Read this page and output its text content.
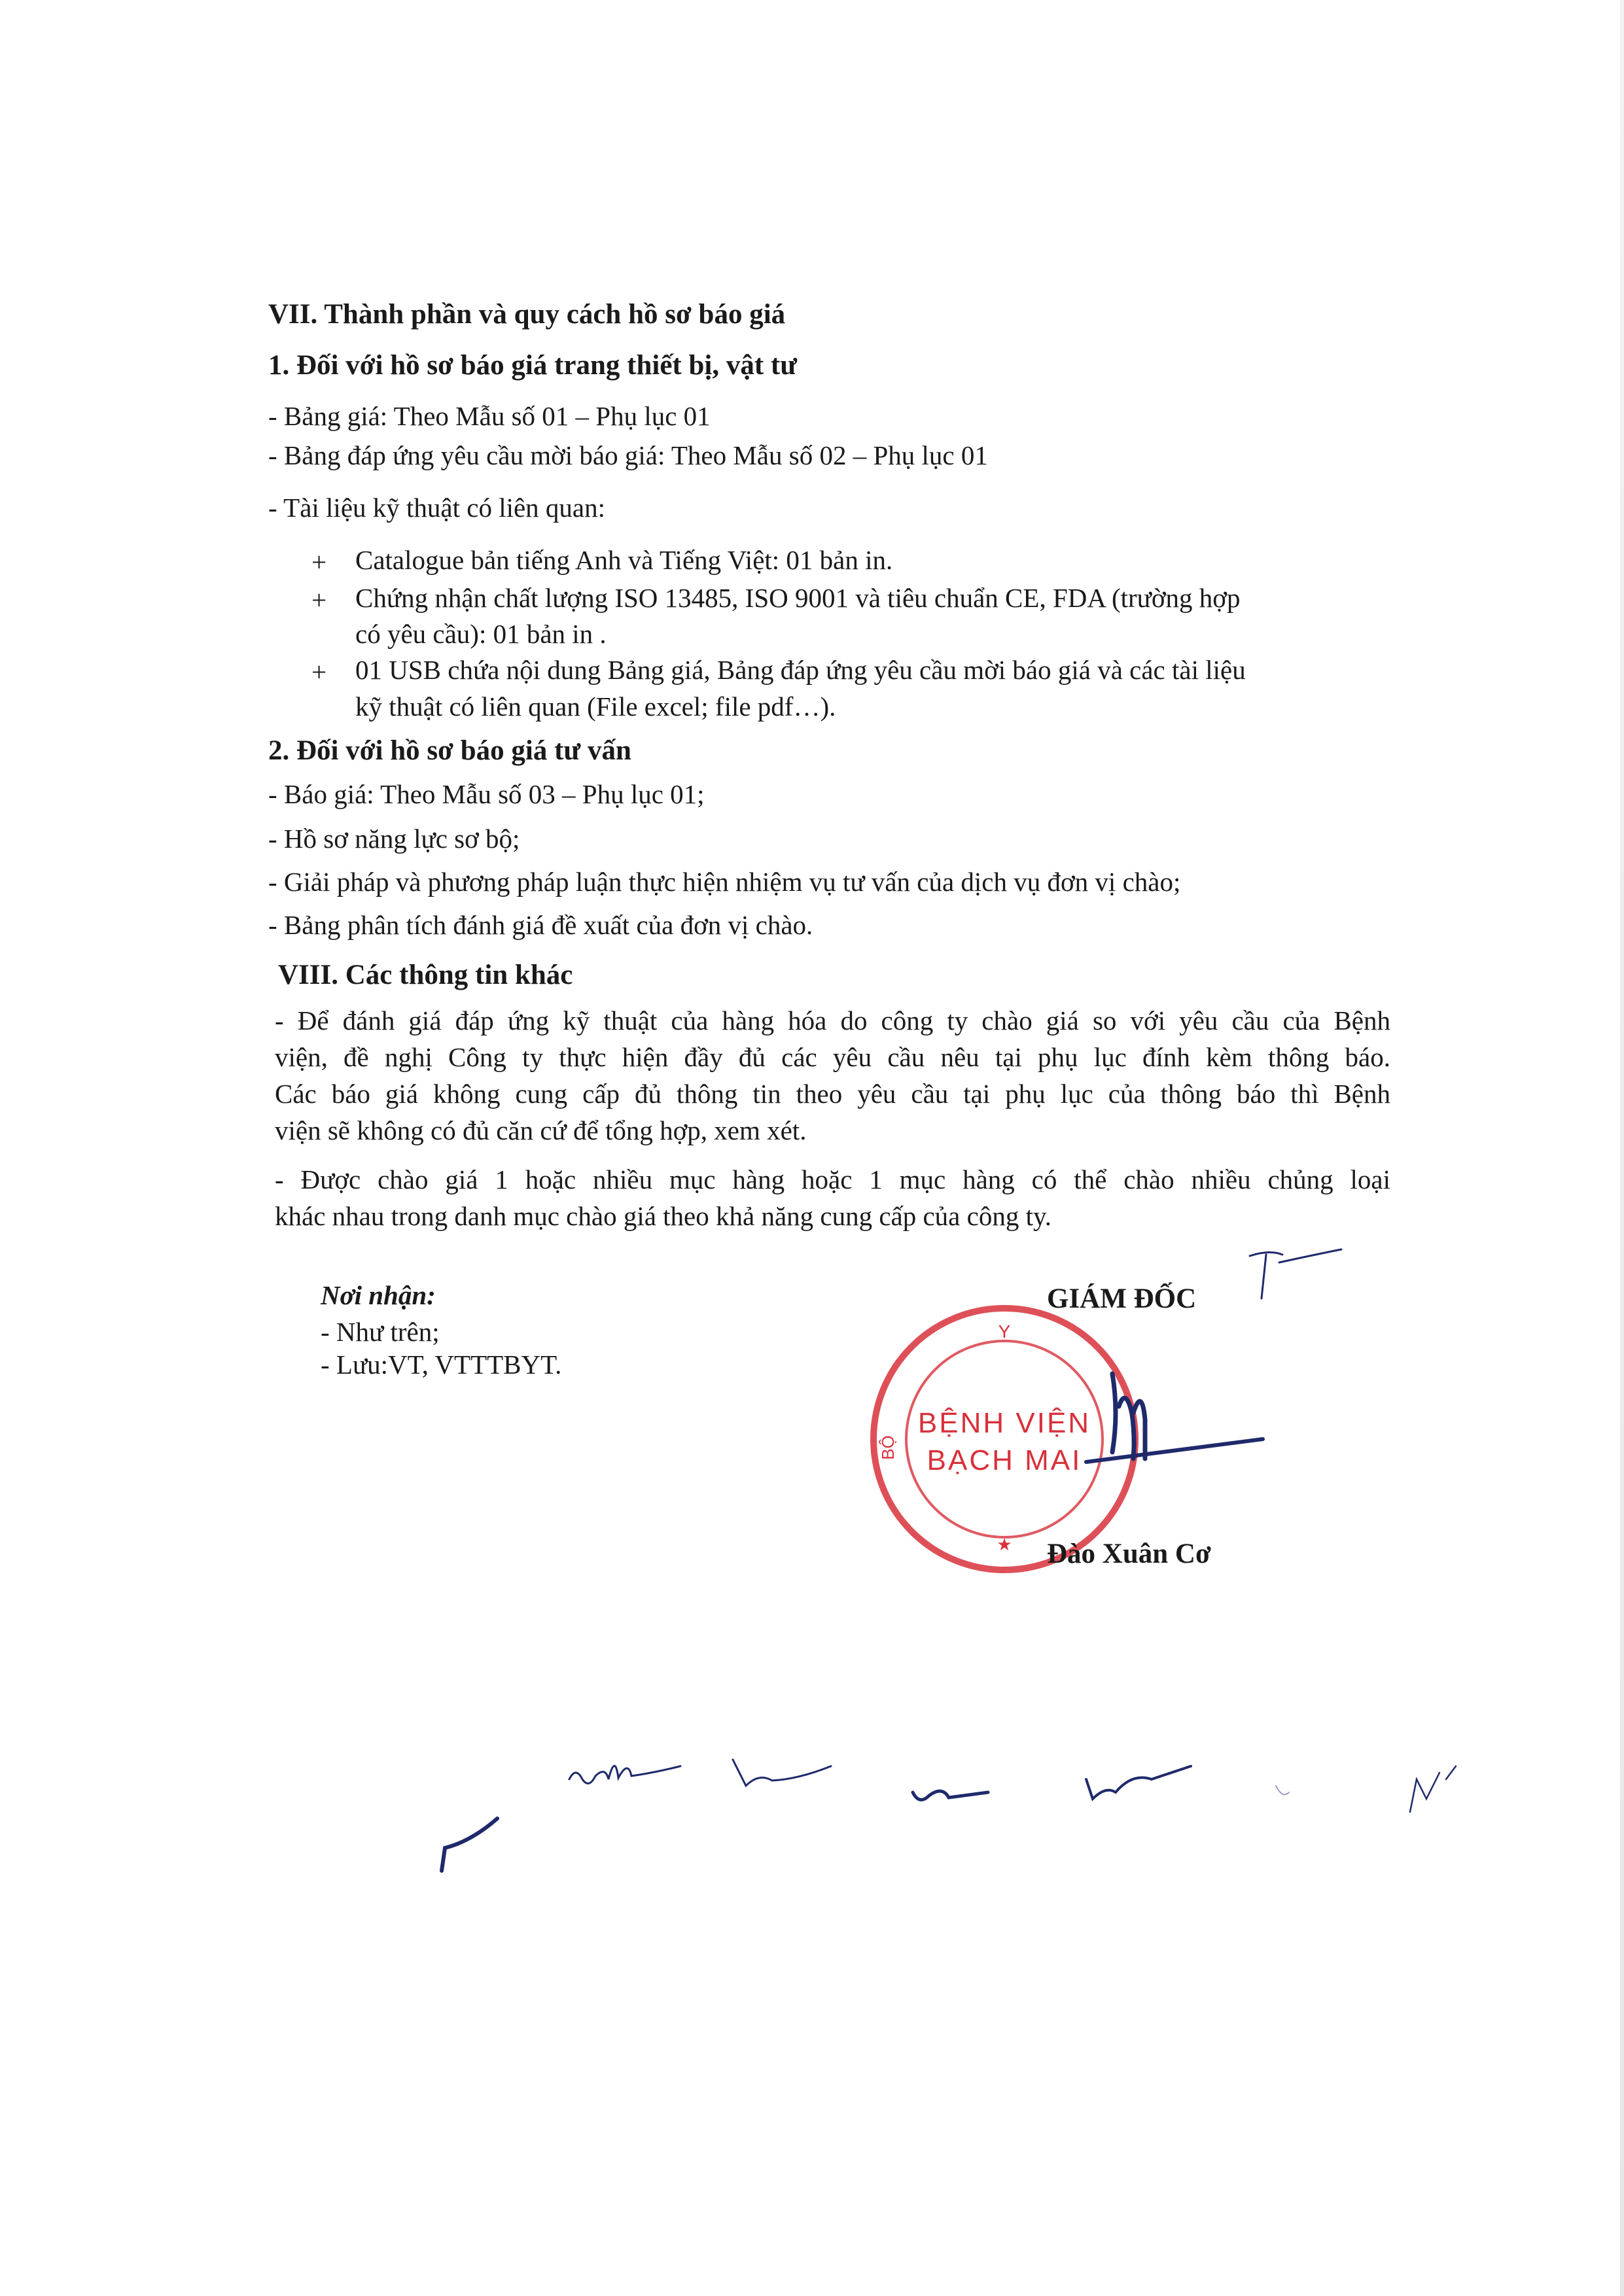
VII. Thành phần và quy cách hồ sơ báo giá
1. Đối với hồ sơ báo giá trang thiết bị, vật tư
- Bảng giá: Theo Mẫu số 01 – Phụ lục 01
- Bảng đáp ứng yêu cầu mời báo giá: Theo Mẫu số 02 – Phụ lục 01
- Tài liệu kỹ thuật có liên quan:
+ Catalogue bản tiếng Anh và Tiếng Việt: 01 bản in.
+ Chứng nhận chất lượng ISO 13485, ISO 9001 và tiêu chuẩn CE, FDA (trường hợp
có yêu cầu): 01 bản in .
+ 01 USB chứa nội dung Bảng giá, Bảng đáp ứng yêu cầu mời báo giá và các tài liệu
kỹ thuật có liên quan (File excel; file pdf…).
2. Đối với hồ sơ báo giá tư vấn
- Báo giá: Theo Mẫu số 03 – Phụ lục 01;
- Hồ sơ năng lực sơ bộ;
- Giải pháp và phương pháp luận thực hiện nhiệm vụ tư vấn của dịch vụ đơn vị chào;
- Bảng phân tích đánh giá đề xuất của đơn vị chào.
VIII. Các thông tin khác
- Để đánh giá đáp ứng kỹ thuật của hàng hóa do công ty chào giá so với yêu cầu của Bệnh
viện, đề nghị Công ty thực hiện đầy đủ các yêu cầu nêu tại phụ lục đính kèm thông báo.
Các báo giá không cung cấp đủ thông tin theo yêu cầu tại phụ lục của thông báo thì Bệnh
viện sẽ không có đủ căn cứ để tổng hợp, xem xét.
- Được chào giá 1 hoặc nhiều mục hàng hoặc 1 mục hàng có thể chào nhiều chủng loại
khác nhau trong danh mục chào giá theo khả năng cung cấp của công ty.
Nơi nhận:
- Như trên;
- Lưu:VT, VTTTBYT.
GIÁM ĐỐC
Y
BỘ
BỆNH VIỆN
BẠCH MAI
★ Đào Xuân Cơ
